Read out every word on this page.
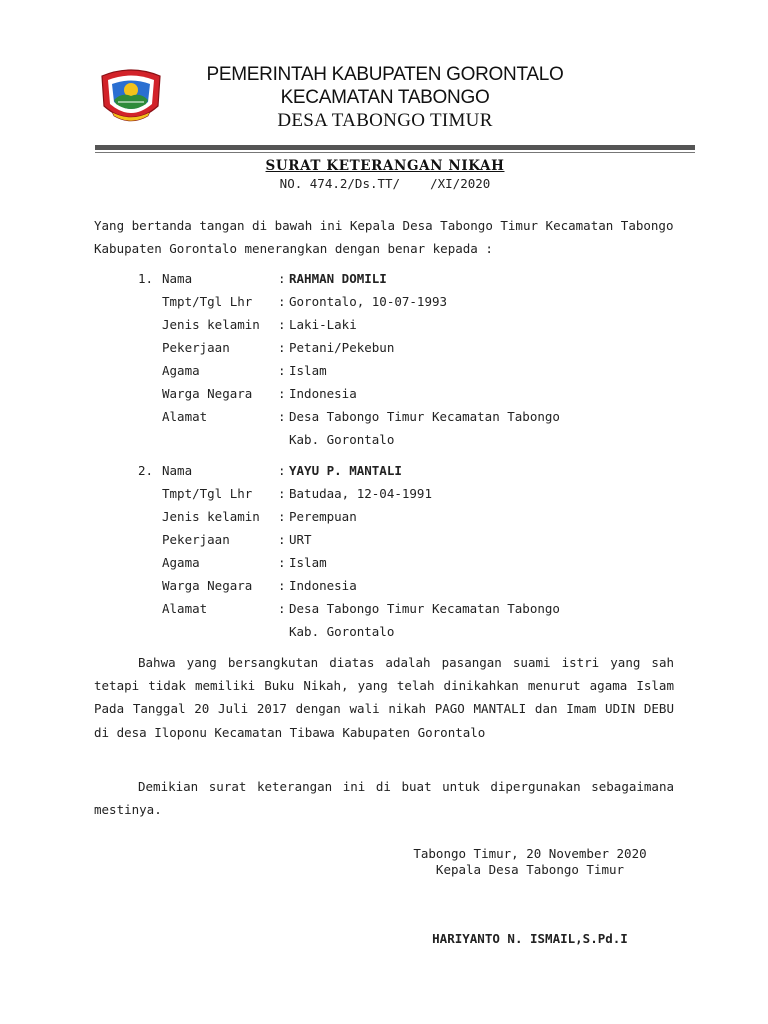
PEMERINTAH KABUPATEN GORONTALO
KECAMATAN TABONGO
DESA TABONGO TIMUR
SURAT KETERANGAN NIKAH
NO. 474.2/Ds.TT/ /XI/2020
Yang bertanda tangan di bawah ini Kepala Desa Tabongo Timur Kecamatan Tabongo Kabupaten Gorontalo menerangkan dengan benar kepada :
1. Nama	: RAHMAN DOMILI
Tmpt/Tgl Lhr : Gorontalo, 10-07-1993
Jenis kelamin : Laki-Laki
Pekerjaan	: Petani/Pekebun
Agama	: Islam
Warga Negara : Indonesia
Alamat	: Desa Tabongo Timur Kecamatan Tabongo
Kab. Gorontalo
2. Nama	: YAYU P. MANTALI
Tmpt/Tgl Lhr : Batudaa, 12-04-1991
Jenis kelamin : Perempuan
Pekerjaan	: URT
Agama	: Islam
Warga Negara : Indonesia
Alamat	: Desa Tabongo Timur Kecamatan Tabongo
Kab. Gorontalo
Bahwa yang bersangkutan diatas adalah pasangan suami istri yang sah tetapi tidak memiliki Buku Nikah, yang telah dinikahkan menurut agama Islam Pada Tanggal 20 Juli 2017 dengan wali nikah PAGO MANTALI dan Imam UDIN DEBU di desa Iloponu Kecamatan Tibawa Kabupaten Gorontalo
Demikian surat keterangan ini di buat untuk dipergunakan sebagaimana mestinya.
Tabongo Timur, 20 November 2020
Kepala Desa Tabongo Timur
HARIYANTO N. ISMAIL,S.Pd.I
